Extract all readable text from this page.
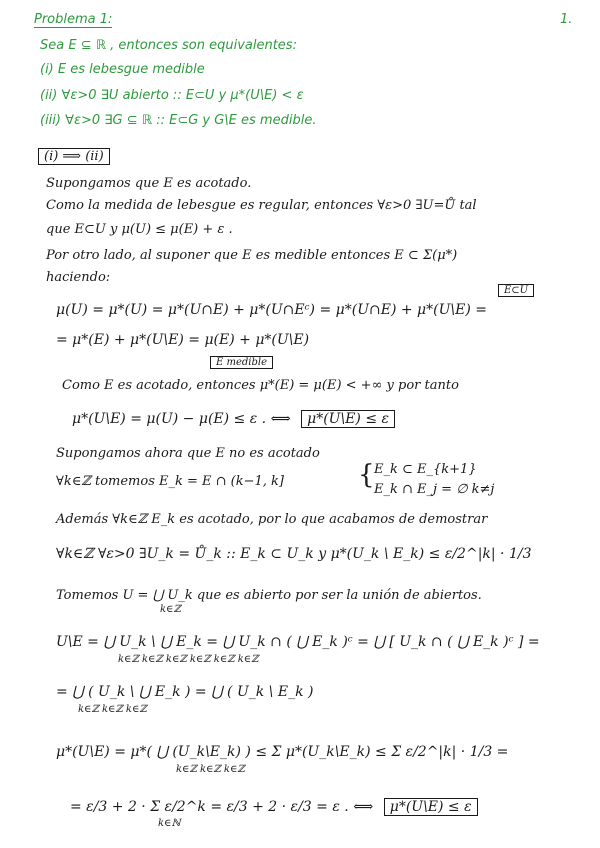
Problema 1:	1.
Sea E ⊆ ℝ , entonces son equivalentes:
(i) E es lebesgue medible
(ii) ∀ε>0 ∃U abierto :: E⊂U y μ*(U\E) < ε
(iii) ∀ε>0 ∃G ⊆ ℝ :: E⊂G y G\E es medible.
(i) ⟹ (ii)
Supongamos que E es acotado.
Como la medida de lebesgue es regular, entonces ∀ε>0 ∃U=Ů tal
que E⊂U y μ(U) ≤ μ(E) + ε .
Por otro lado, al suponer que E es medible entonces E ⊂ Σ(μ*)
haciendo:
E⊂U
μ(U) = μ*(U) = μ*(U∩E) + μ*(U∩Eᶜ) = μ*(U∩E) + μ*(U\E) =
= μ*(E) + μ*(U\E) = μ(E) + μ*(U\E)
E medible
Como E es acotado, entonces μ*(E) = μ(E) < +∞ y por tanto
μ*(U\E) = μ(U) − μ(E) ≤ ε . ⟺ μ*(U\E) ≤ ε
Supongamos ahora que E no es acotado
∀k∈ℤ tomemos E_k = E ∩ (k−1, k]	{ E_k ⊂ E_{k+1}
E_k ∩ E_j = ∅ k≠j
Además ∀k∈ℤ E_k es acotado, por lo que acabamos de demostrar
∀k∈ℤ ∀ε>0 ∃U_k = Ů_k :: E_k ⊂ U_k y μ*(U_k \ E_k) ≤ ε/2^|k| · 1/3
Tomemos U = ⋃ U_k que es abierto por ser la unión de abiertos.
k∈ℤ
U\E = ⋃ U_k \ ⋃ E_k = ⋃ U_k ∩ ( ⋃ E_k )ᶜ = ⋃ [ U_k ∩ ( ⋃ E_k )ᶜ ] =
k∈ℤ k∈ℤ k∈ℤ k∈ℤ k∈ℤ k∈ℤ
= ⋃ ( U_k \ ⋃ E_k ) = ⋃ ( U_k \ E_k )
k∈ℤ k∈ℤ k∈ℤ
μ*(U\E) = μ*( ⋃ (U_k\E_k) ) ≤ Σ μ*(U_k\E_k) ≤ Σ ε/2^|k| · 1/3 =
k∈ℤ k∈ℤ k∈ℤ
= ε/3 + 2 · Σ ε/2^k = ε/3 + 2 · ε/3 = ε . ⟺ μ*(U\E) ≤ ε
k∈ℕ
